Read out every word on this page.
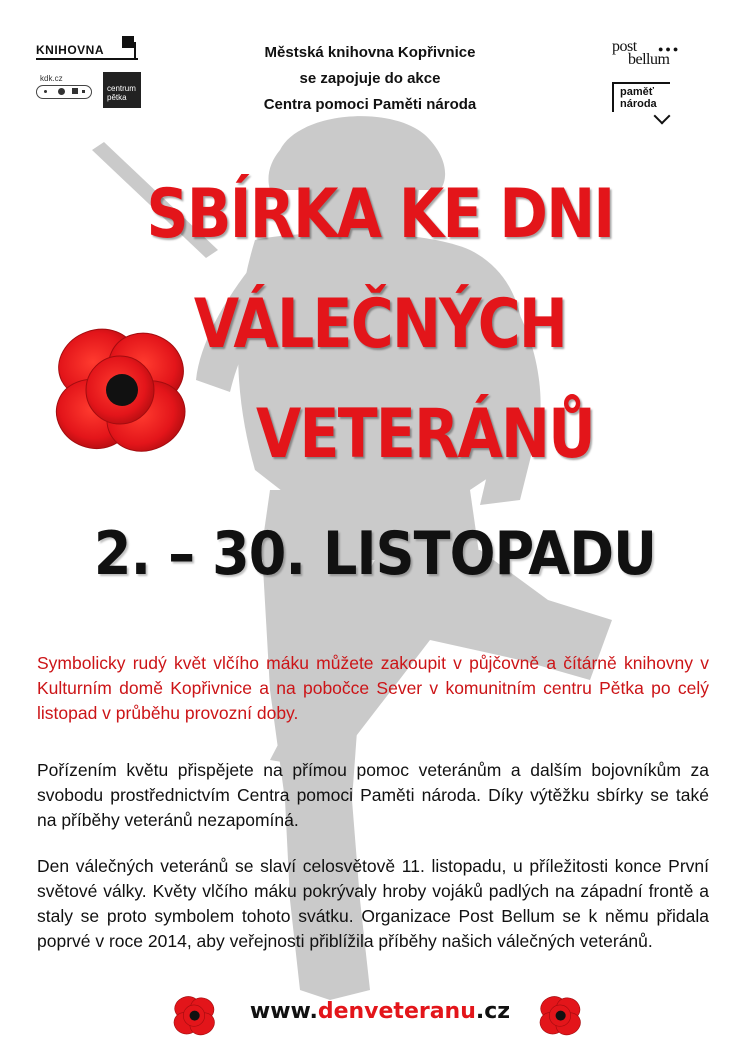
KNIHOVNA
kdk.cz
centrum
pětka
Městská knihovna Kopřivnice
se zapojuje do akce
Centra pomoci Paměti národa
post
bellum
●●●
paměť
národa
SBÍRKA KE DNI
VÁLEČNÝCH
VETERÁNŮ
2. – 30. LISTOPADU

Symbolicky rudý květ vlčího máku můžete zakoupit v půjčovně a čítárně knihovny v Kulturním domě Kopřivnice a na pobočce Sever v komunitním centru Pětka po celý listopad v průběhu provozní doby.

Pořízením květu přispějete na přímou pomoc veteránům a dalším bojovníkům za svobodu prostřednictvím Centra pomoci Paměti národa. Díky výtěžku sbírky se také na příběhy veteránů nezapomíná.

Den válečných veteránů se slaví celosvětově 11. listopadu, u příležitosti konce První světové války. Květy vlčího máku pokrývaly hroby vojáků padlých na západní frontě a staly se proto symbolem tohoto svátku. Organizace Post Bellum se k němu přidala poprvé v roce 2014, aby veřejnosti přiblížila příběhy našich válečných veteránů.

www.denveteranu.cz
